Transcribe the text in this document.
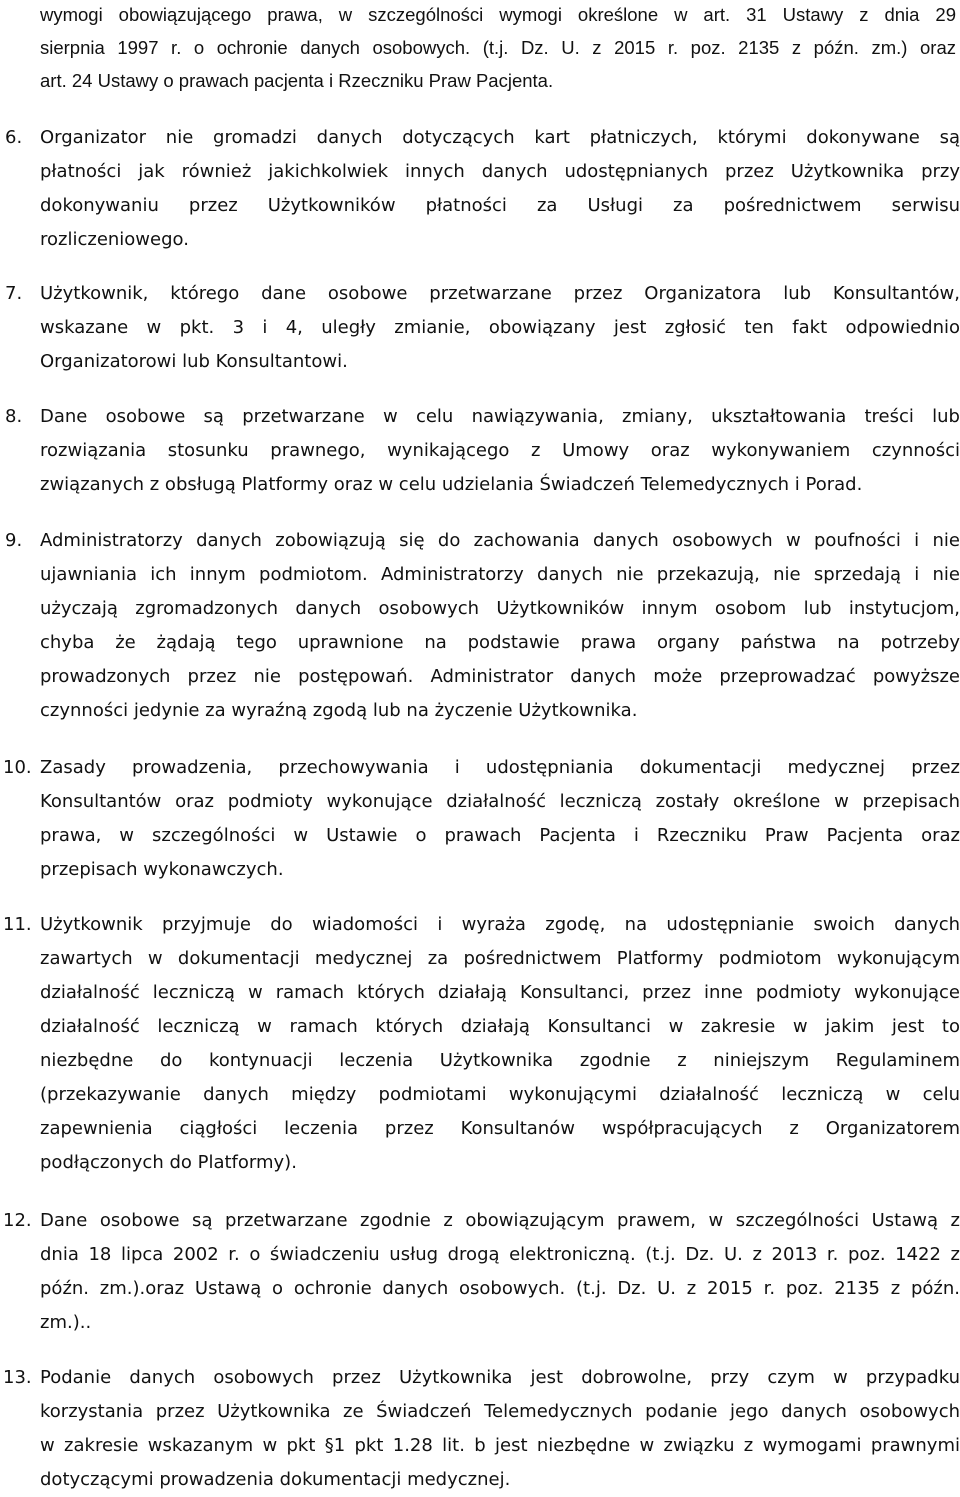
wymogi obowiązującego prawa, w szczególności wymogi określone w art. 31 Ustawy z dnia 29
sierpnia 1997 r. o ochronie danych osobowych. (t.j. Dz. U. z 2015 r. poz. 2135 z późn. zm.) oraz
art. 24 Ustawy o prawach pacjenta i Rzeczniku Praw Pacjenta.
6. Organizator nie gromadzi danych dotyczących kart płatniczych, którymi dokonywane są
płatności jak również jakichkolwiek innych danych udostępnianych przez Użytkownika przy
dokonywaniu przez Użytkowników płatności za Usługi za pośrednictwem serwisu
rozliczeniowego.
7. Użytkownik, którego dane osobowe przetwarzane przez Organizatora lub Konsultantów,
wskazane w pkt. 3 i 4, uległy zmianie, obowiązany jest zgłosić ten fakt odpowiednio
Organizatorowi lub Konsultantowi.
8. Dane osobowe są przetwarzane w celu nawiązywania, zmiany, ukształtowania treści lub
rozwiązania stosunku prawnego, wynikającego z Umowy oraz wykonywaniem czynności
związanych z obsługą Platformy oraz w celu udzielania Świadczeń Telemedycznych i Porad.
9. Administratorzy danych zobowiązują się do zachowania danych osobowych w poufności i nie
ujawniania ich innym podmiotom. Administratorzy danych nie przekazują, nie sprzedają i nie
użyczają zgromadzonych danych osobowych Użytkowników innym osobom lub instytucjom,
chyba że żądają tego uprawnione na podstawie prawa organy państwa na potrzeby
prowadzonych przez nie postępowań. Administrator danych może przeprowadzać powyższe
czynności jedynie za wyraźną zgodą lub na życzenie Użytkownika.
10. Zasady prowadzenia, przechowywania i udostępniania dokumentacji medycznej przez
Konsultantów oraz podmioty wykonujące działalność leczniczą zostały określone w przepisach
prawa, w szczególności w Ustawie o prawach Pacjenta i Rzeczniku Praw Pacjenta oraz
przepisach wykonawczych.
11. Użytkownik przyjmuje do wiadomości i wyraża zgodę, na udostępnianie swoich danych
zawartych w dokumentacji medycznej za pośrednictwem Platformy podmiotom wykonującym
działalność leczniczą w ramach których działają Konsultanci, przez inne podmioty wykonujące
działalność leczniczą w ramach których działają Konsultanci w zakresie w jakim jest to
niezbędne do kontynuacji leczenia Użytkownika zgodnie z niniejszym Regulaminem
(przekazywanie danych między podmiotami wykonującymi działalność leczniczą w celu
zapewnienia ciągłości leczenia przez Konsultanów współpracujących z Organizatorem
podłączonych do Platformy).
12. Dane osobowe są przetwarzane zgodnie z obowiązującym prawem, w szczególności Ustawą z
dnia 18 lipca 2002 r. o świadczeniu usług drogą elektroniczną. (t.j. Dz. U. z 2013 r. poz. 1422 z
późn. zm.).oraz Ustawą o ochronie danych osobowych. (t.j. Dz. U. z 2015 r. poz. 2135 z późn.
zm.)..
13. Podanie danych osobowych przez Użytkownika jest dobrowolne, przy czym w przypadku
korzystania przez Użytkownika ze Świadczeń Telemedycznych podanie jego danych osobowych
w zakresie wskazanym w pkt §1 pkt 1.28 lit. b jest niezbędne w związku z wymogami prawnymi
dotyczącymi prowadzenia dokumentacji medycznej.
